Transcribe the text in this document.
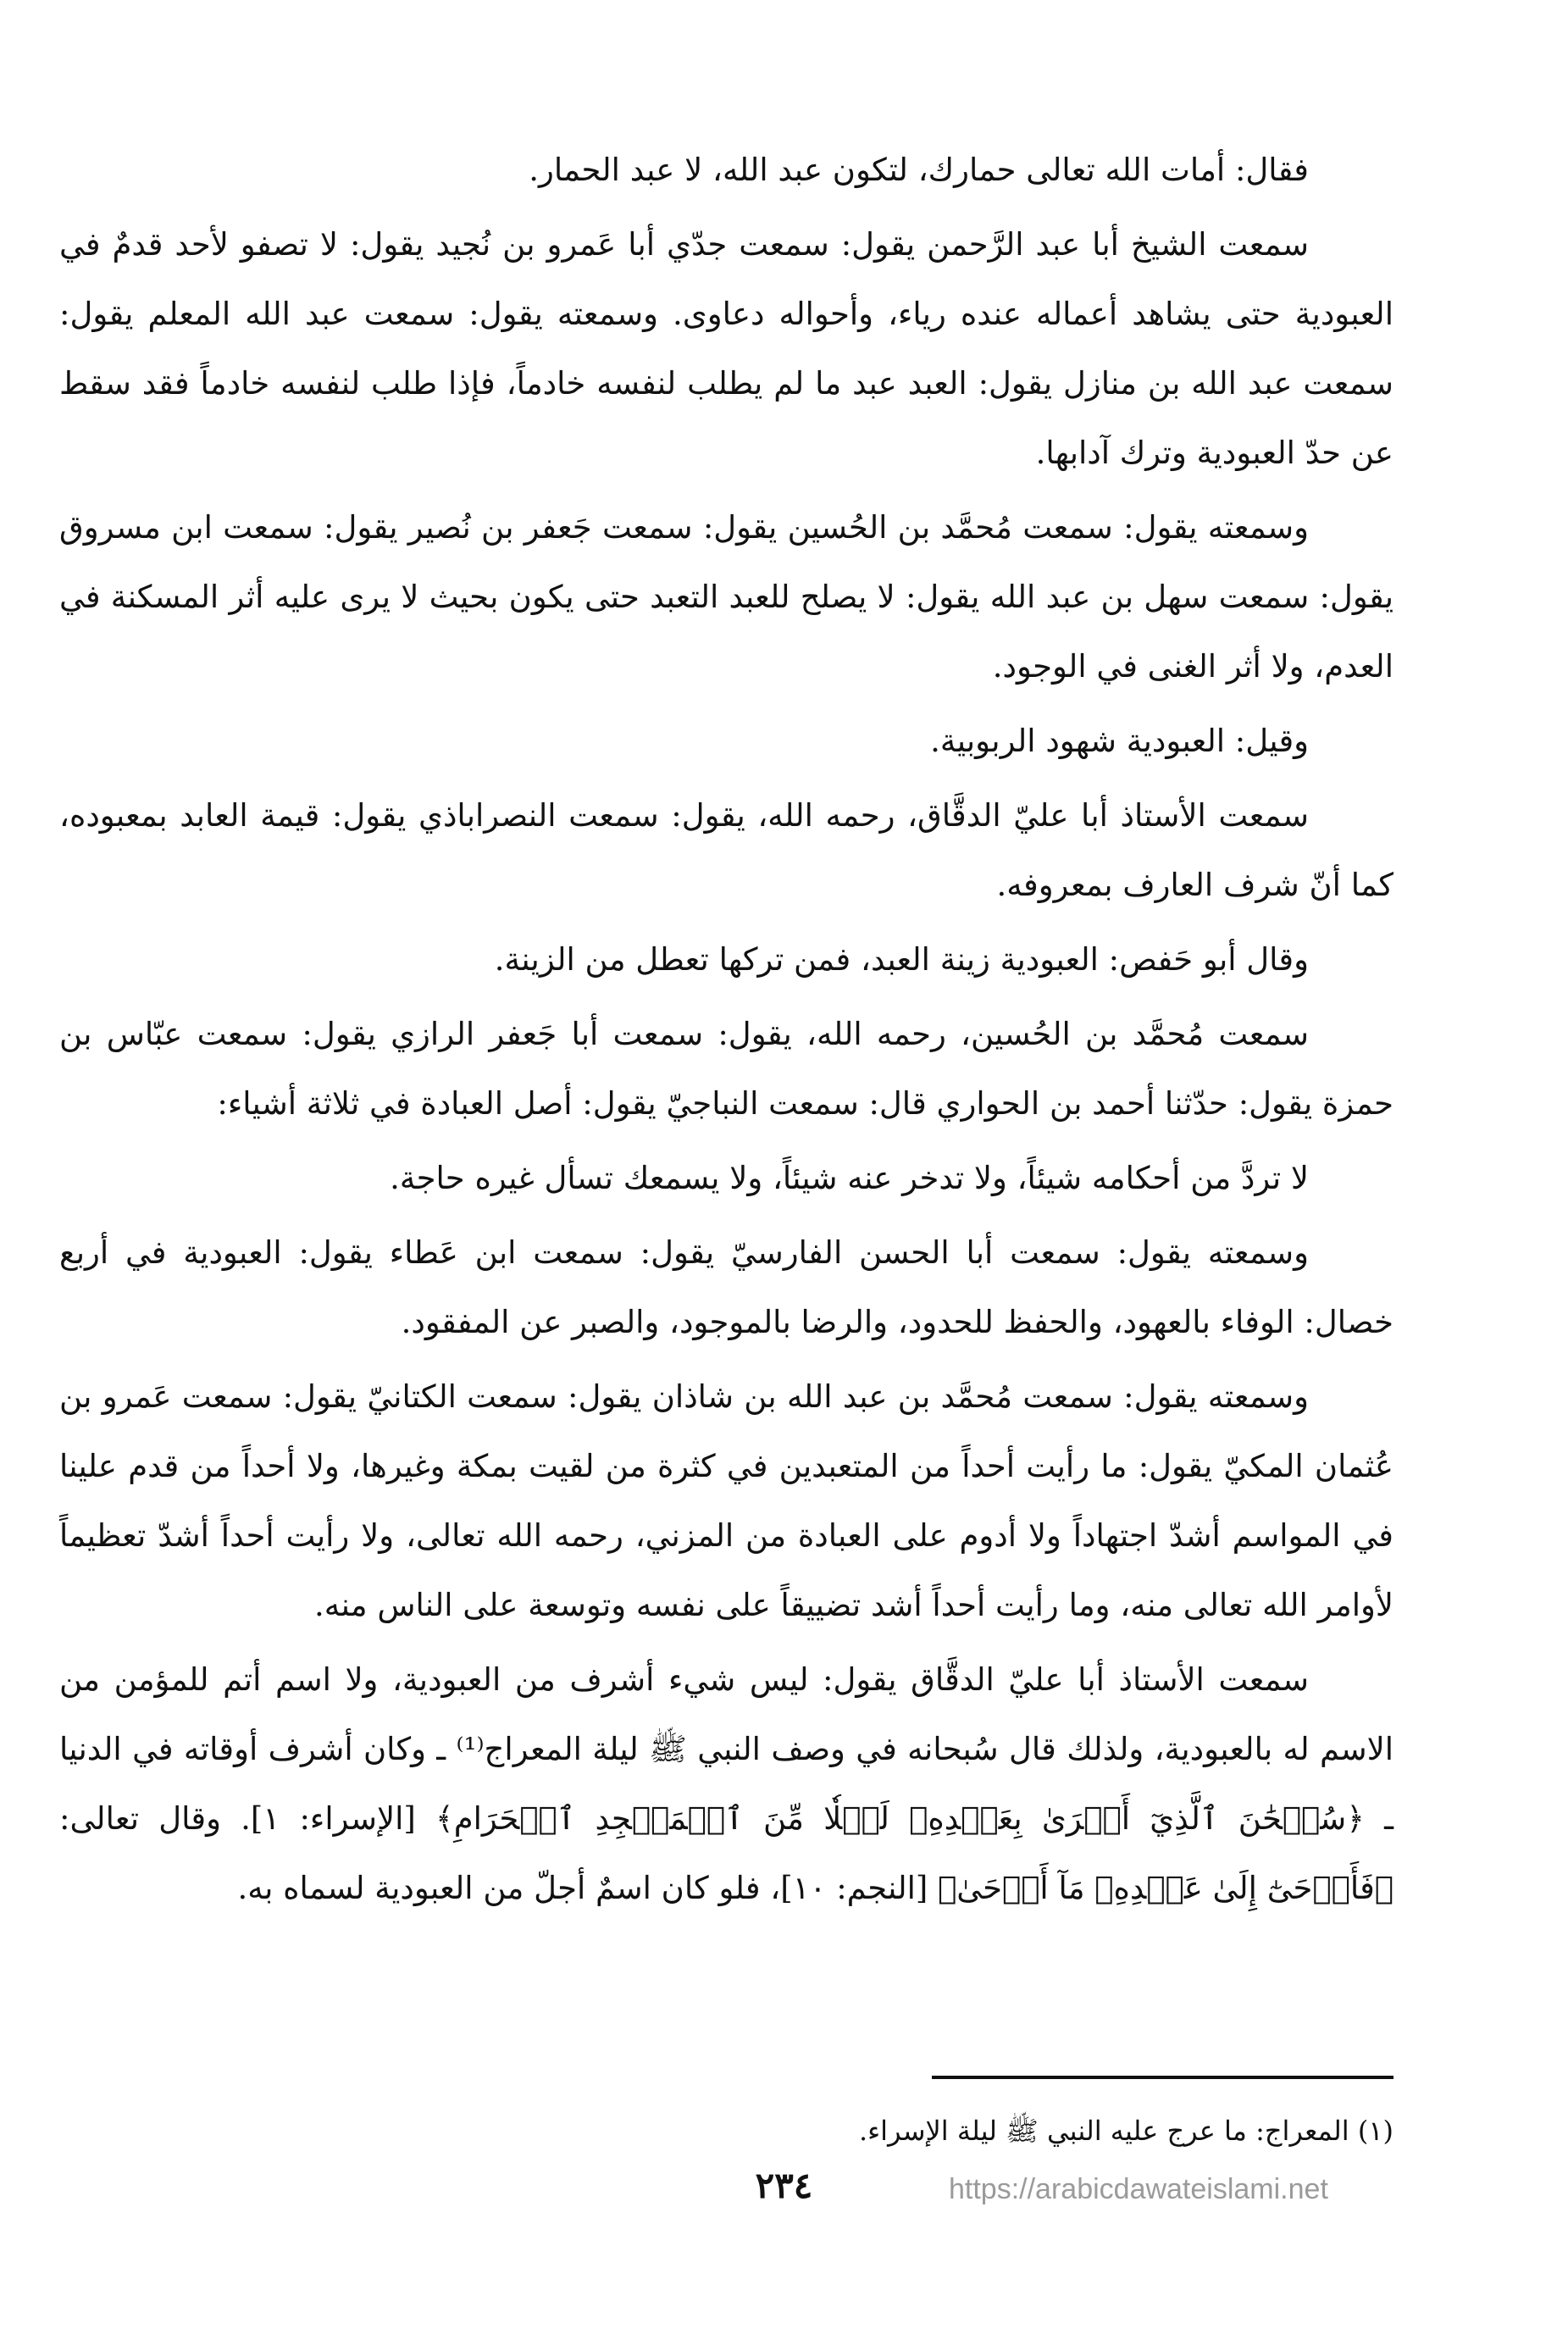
فقال: أمات الله تعالى حمارك، لتكون عبد الله، لا عبد الحمار.

سمعت الشيخ أبا عبد الرَّحمن يقول: سمعت جدّي أبا عَمرو بن نُجيد يقول: لا تصفو لأحد قدمٌ في العبودية حتى يشاهد أعماله عنده رياء، وأحواله دعاوى. وسمعته يقول: سمعت عبد الله المعلم يقول: سمعت عبد الله بن منازل يقول: العبد عبد ما لم يطلب لنفسه خادماً، فإذا طلب لنفسه خادماً فقد سقط عن حدّ العبودية وترك آدابها.

وسمعته يقول: سمعت مُحمَّد بن الحُسين يقول: سمعت جَعفر بن نُصير يقول: سمعت ابن مسروق يقول: سمعت سهل بن عبد الله يقول: لا يصلح للعبد التعبد حتى يكون بحيث لا يرى عليه أثر المسكنة في العدم، ولا أثر الغنى في الوجود.

وقيل: العبودية شهود الربوبية.

سمعت الأستاذ أبا عليّ الدقَّاق، رحمه الله، يقول: سمعت النصراباذي يقول: قيمة العابد بمعبوده، كما أنّ شرف العارف بمعروفه.

وقال أبو حَفص: العبودية زينة العبد، فمن تركها تعطل من الزينة.

سمعت مُحمَّد بن الحُسين، رحمه الله، يقول: سمعت أبا جَعفر الرازي يقول: سمعت عبّاس بن حمزة يقول: حدّثنا أحمد بن الحواري قال: سمعت النباجيّ يقول: أصل العبادة في ثلاثة أشياء:

لا تردَّ من أحكامه شيئاً، ولا تدخر عنه شيئاً، ولا يسمعك تسأل غيره حاجة.

وسمعته يقول: سمعت أبا الحسن الفارسيّ يقول: سمعت ابن عَطاء يقول: العبودية في أربع خصال: الوفاء بالعهود، والحفظ للحدود، والرضا بالموجود، والصبر عن المفقود.

وسمعته يقول: سمعت مُحمَّد بن عبد الله بن شاذان يقول: سمعت الكتانيّ يقول: سمعت عَمرو بن عُثمان المكيّ يقول: ما رأيت أحداً من المتعبدين في كثرة من لقيت بمكة وغيرها، ولا أحداً من قدم علينا في المواسم أشدّ اجتهاداً ولا أدوم على العبادة من المزني، رحمه الله تعالى، ولا رأيت أحداً أشدّ تعظيماً لأوامر الله تعالى منه، وما رأيت أحداً أشد تضييقاً على نفسه وتوسعة على الناس منه.

سمعت الأستاذ أبا عليّ الدقَّاق يقول: ليس شيء أشرف من العبودية، ولا اسم أتم للمؤمن من الاسم له بالعبودية، ولذلك قال سُبحانه في وصف النبي ﷺ ليلة المعراج⁽¹⁾ ـ وكان أشرف أوقاته في الدنيا ـ ﴿سُبۡحَٰنَ ٱلَّذِيٓ أَسۡرَىٰ بِعَبۡدِهِۦ لَيۡلٗا مِّنَ ٱلۡمَسۡجِدِ ٱلۡحَرَامِ﴾ [الإسراء: ١]. وقال تعالى: ﴿فَأَوۡحَىٰٓ إِلَىٰ عَبۡدِهِۦ مَآ أَوۡحَىٰ﴾ [النجم: ١٠]، فلو كان اسمٌ أجلّ من العبودية لسماه به.

(١) المعراج: ما عرج عليه النبي ﷺ ليلة الإسراء.
٢٣٤	https://arabicdawateislami.net
